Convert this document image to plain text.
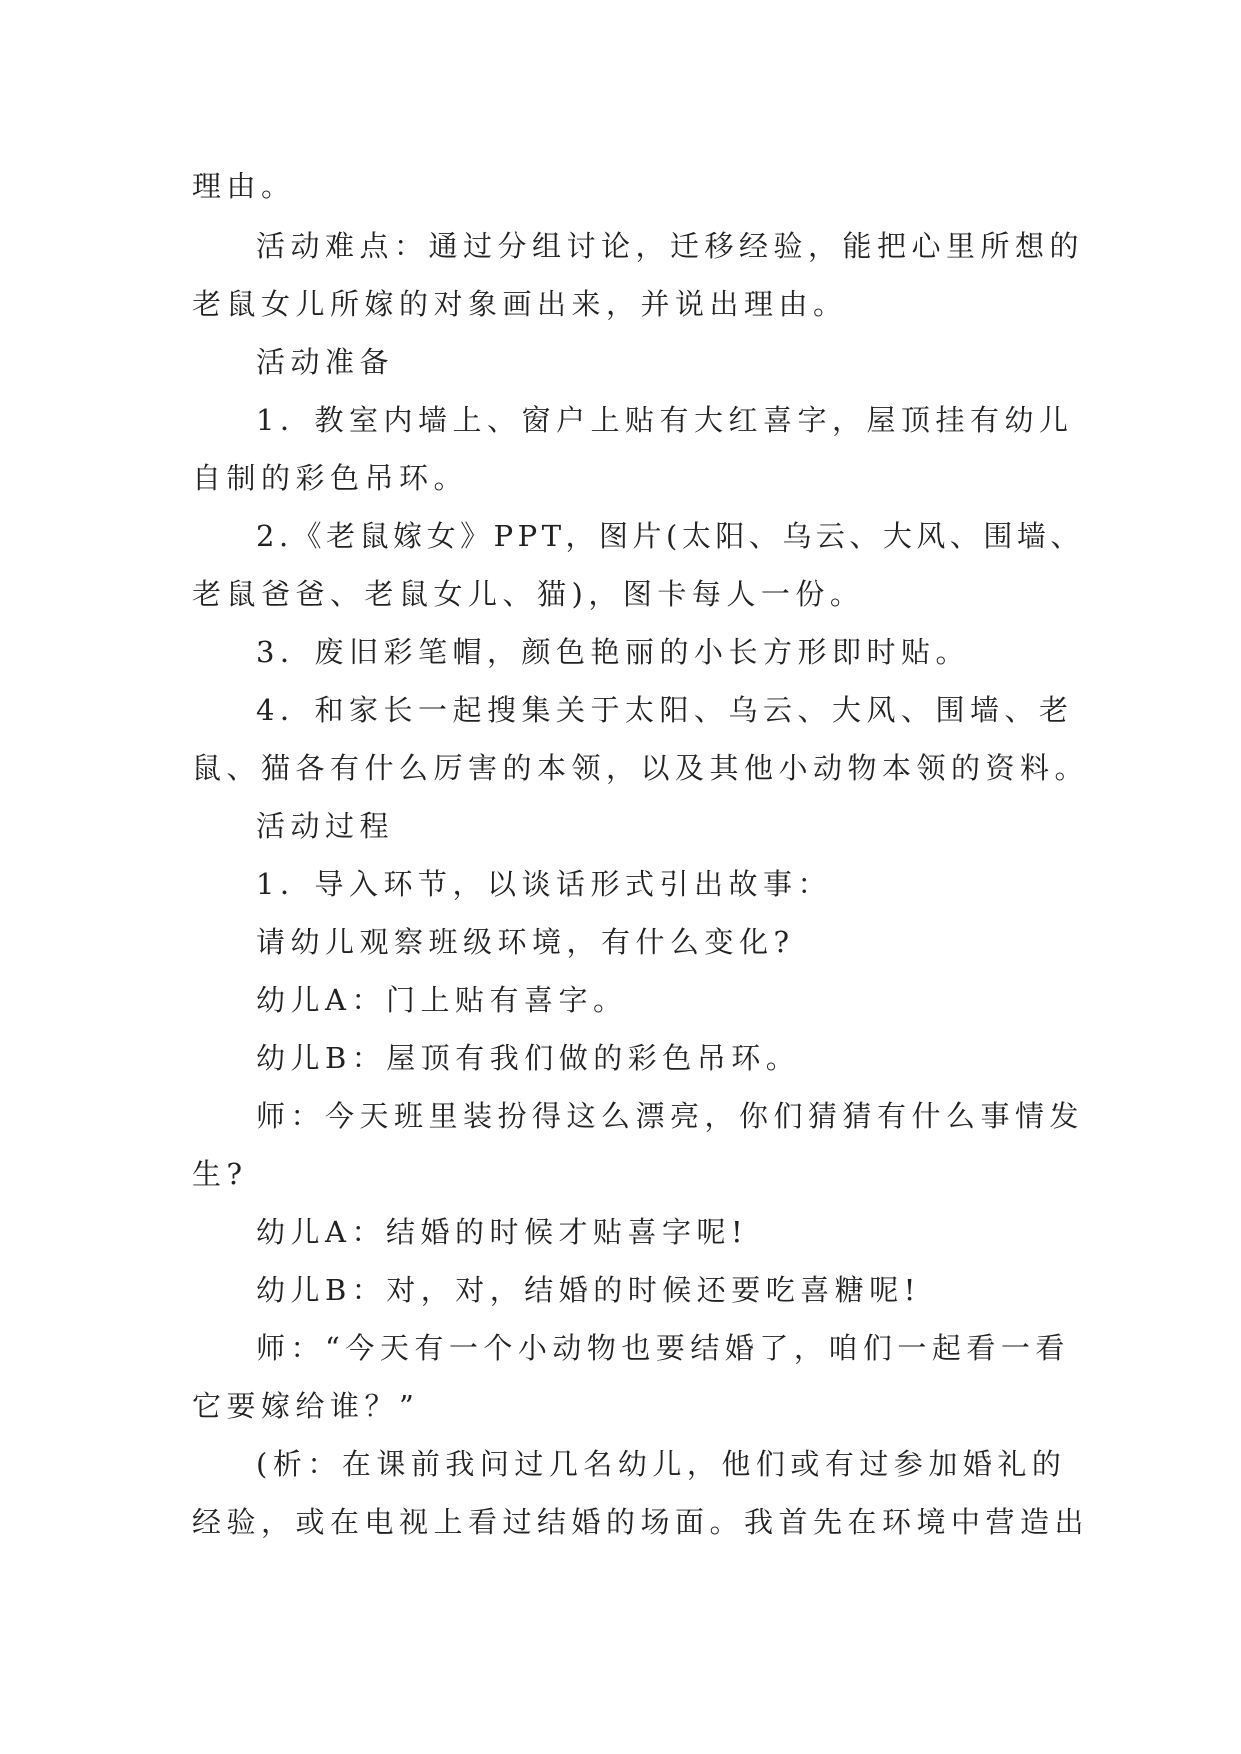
理由。
活动难点：通过分组讨论，迁移经验，能把心里所想的
老鼠女儿所嫁的对象画出来，并说出理由。
活动准备
1．教室内墙上、窗户上贴有大红喜字，屋顶挂有幼儿
自制的彩色吊环。
2.《老鼠嫁女》PPT，图片(太阳、乌云、大风、围墙、
老鼠爸爸、老鼠女儿、猫)，图卡每人一份。
3．废旧彩笔帽，颜色艳丽的小长方形即时贴。
4．和家长一起搜集关于太阳、乌云、大风、围墙、老
鼠、猫各有什么厉害的本领，以及其他小动物本领的资料。
活动过程
1．导入环节，以谈话形式引出故事：
请幼儿观察班级环境，有什么变化?
幼儿A：门上贴有喜字。
幼儿B：屋顶有我们做的彩色吊环。
师：今天班里装扮得这么漂亮，你们猜猜有什么事情发
生?
幼儿A：结婚的时候才贴喜字呢!
幼儿B：对，对，结婚的时候还要吃喜糖呢!
师：“今天有一个小动物也要结婚了，咱们一起看一看
它要嫁给谁？”
(析：在课前我问过几名幼儿，他们或有过参加婚礼的
经验，或在电视上看过结婚的场面。我首先在环境中营造出
